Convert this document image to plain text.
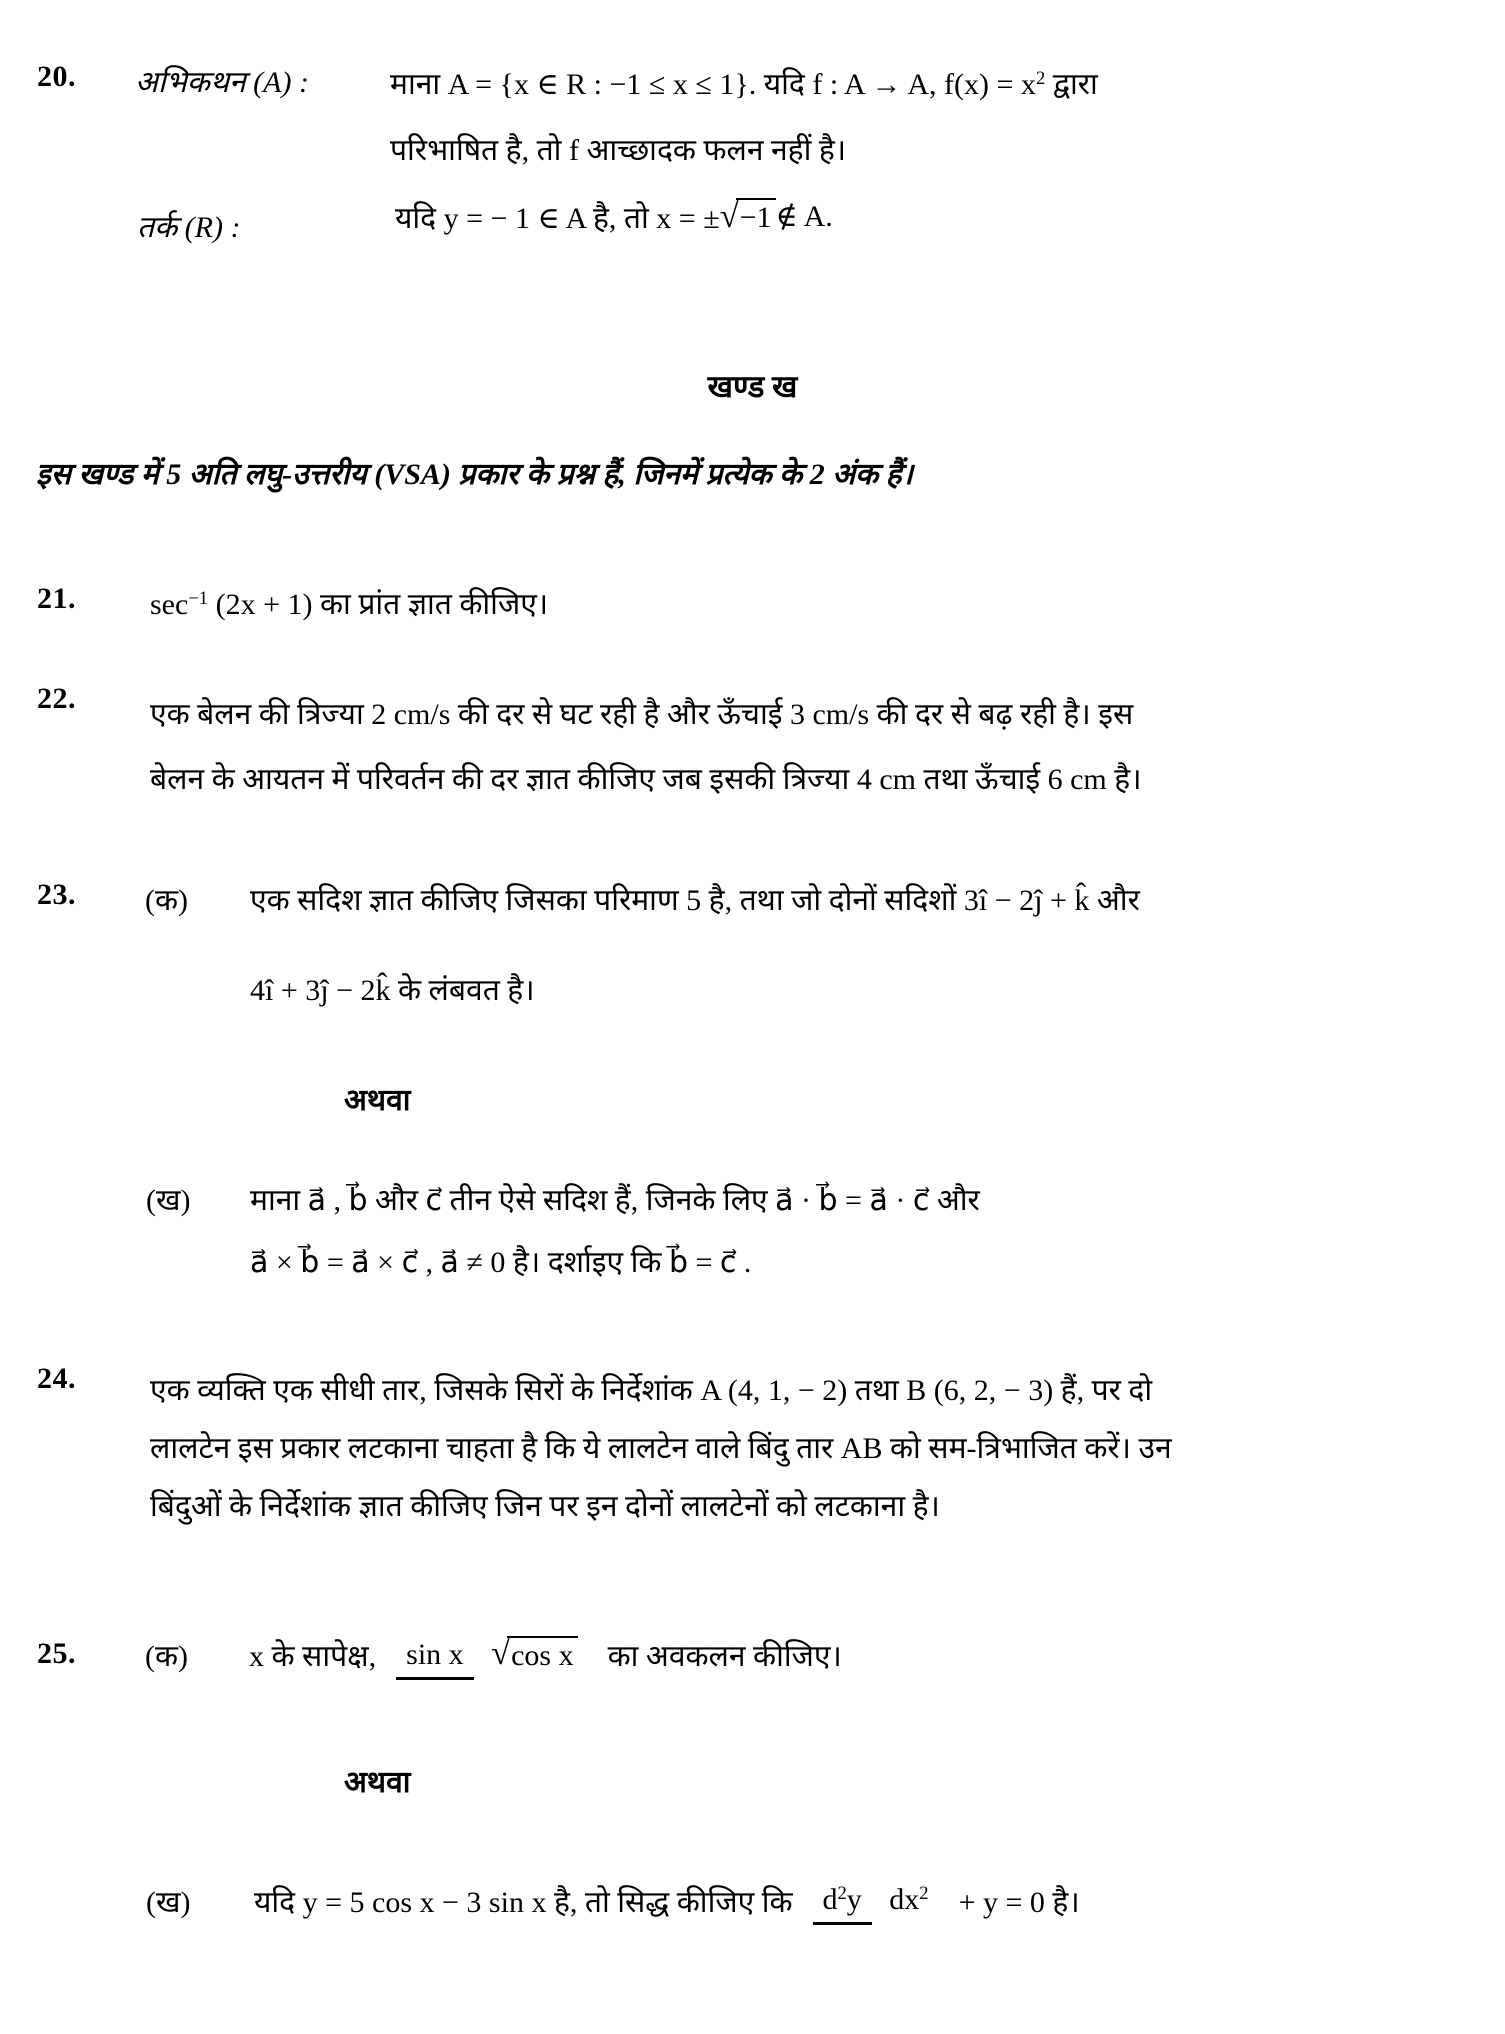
20. अभिकथन (A) :	माना A = {x ∈ R : −1 ≤ x ≤ 1}. यदि f : A → A, $f(x) = x^2$ द्वारा
परिभाषित है, तो f आच्छादक फलन नहीं है।
तर्क (R) :	यदि y = − 1 ∈ A है, तो x = ± √−1 ∉ A.
खण्ड ख
इस खण्ड में 5 अति लघु-उत्तरीय (VSA) प्रकार के प्रश्न हैं, जिनमें प्रत्येक के 2 अंक हैं।
21. $\sec^{-1} (2x + 1)$ का प्रांत ज्ञात कीजिए।
22. एक बेलन की त्रिज्या 2 cm/s की दर से घट रही है और ऊँचाई 3 cm/s की दर से बढ़ रही है। इस
बेलन के आयतन में परिवर्तन की दर ज्ञात कीजिए जब इसकी त्रिज्या 4 cm तथा ऊँचाई 6 cm है।
23. (क) एक सदिश ज्ञात कीजिए जिसका परिमाण 5 है, तथा जो दोनों सदिशों 3î − 2ĵ + k̂ और
4î + 3ĵ − 2k̂ के लंबवत है।
अथवा
(ख) माना a⃗ , b⃗ और c⃗ तीन ऐसे सदिश हैं, जिनके लिए a⃗ · b⃗ = a⃗ · c⃗ और
a⃗ × b⃗ = a⃗ × c⃗ , a⃗ ≠ 0 है। दर्शाइए कि b⃗ = c⃗ .
24. एक व्यक्ति एक सीधी तार, जिसके सिरों के निर्देशांक A (4, 1, − 2) तथा B (6, 2, − 3) हैं, पर दो
लालटेन इस प्रकार लटकाना चाहता है कि ये लालटेन वाले बिंदु तार AB को सम-त्रिभाजित करें। उन
बिंदुओं के निर्देशांक ज्ञात कीजिए जिन पर इन दोनों लालटेनों को लटकाना है।
25.	(क)	x के सापेक्ष,	sin x √ cos x का अवकलन कीजिए।
अथवा
(ख)	यदि y = 5 cos x − 3 sin x है, तो सिद्ध कीजिए कि	$d^2y$ $dx^2$	+ y = 0 है।
